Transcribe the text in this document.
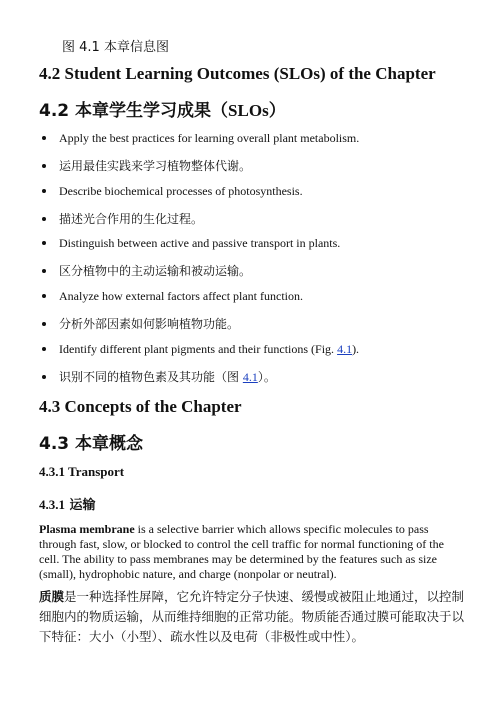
图 4.1 本章信息图
4.2 Student Learning Outcomes (SLOs) of the Chapter
4.2 本章学生学习成果（SLOs）
Apply the best practices for learning overall plant metabolism.
运用最佳实践来学习植物整体代谢。
Describe biochemical processes of photosynthesis.
描述光合作用的生化过程。
Distinguish between active and passive transport in plants.
区分植物中的主动运输和被动运输。
Analyze how external factors affect plant function.
分析外部因素如何影响植物功能。
Identify different plant pigments and their functions (Fig. 4.1).
识别不同的植物色素及其功能（图 4.1）。
4.3 Concepts of the Chapter
4.3 本章概念
4.3.1 Transport
4.3.1 运输
Plasma membrane is a selective barrier which allows specific molecules to pass through fast, slow, or blocked to control the cell traffic for normal functioning of the cell. The ability to pass membranes may be determined by the features such as size (small), hydrophobic nature, and charge (nonpolar or neutral).
质膜是一种选择性屏障，它允许特定分子快速、缓慢或被阻止地通过，以控制细胞内的物质运输，从而维持细胞的正常功能。物质能否通过膜可能取决于以下特征：大小（小型）、疏水性以及电荷（非极性或中性）。
